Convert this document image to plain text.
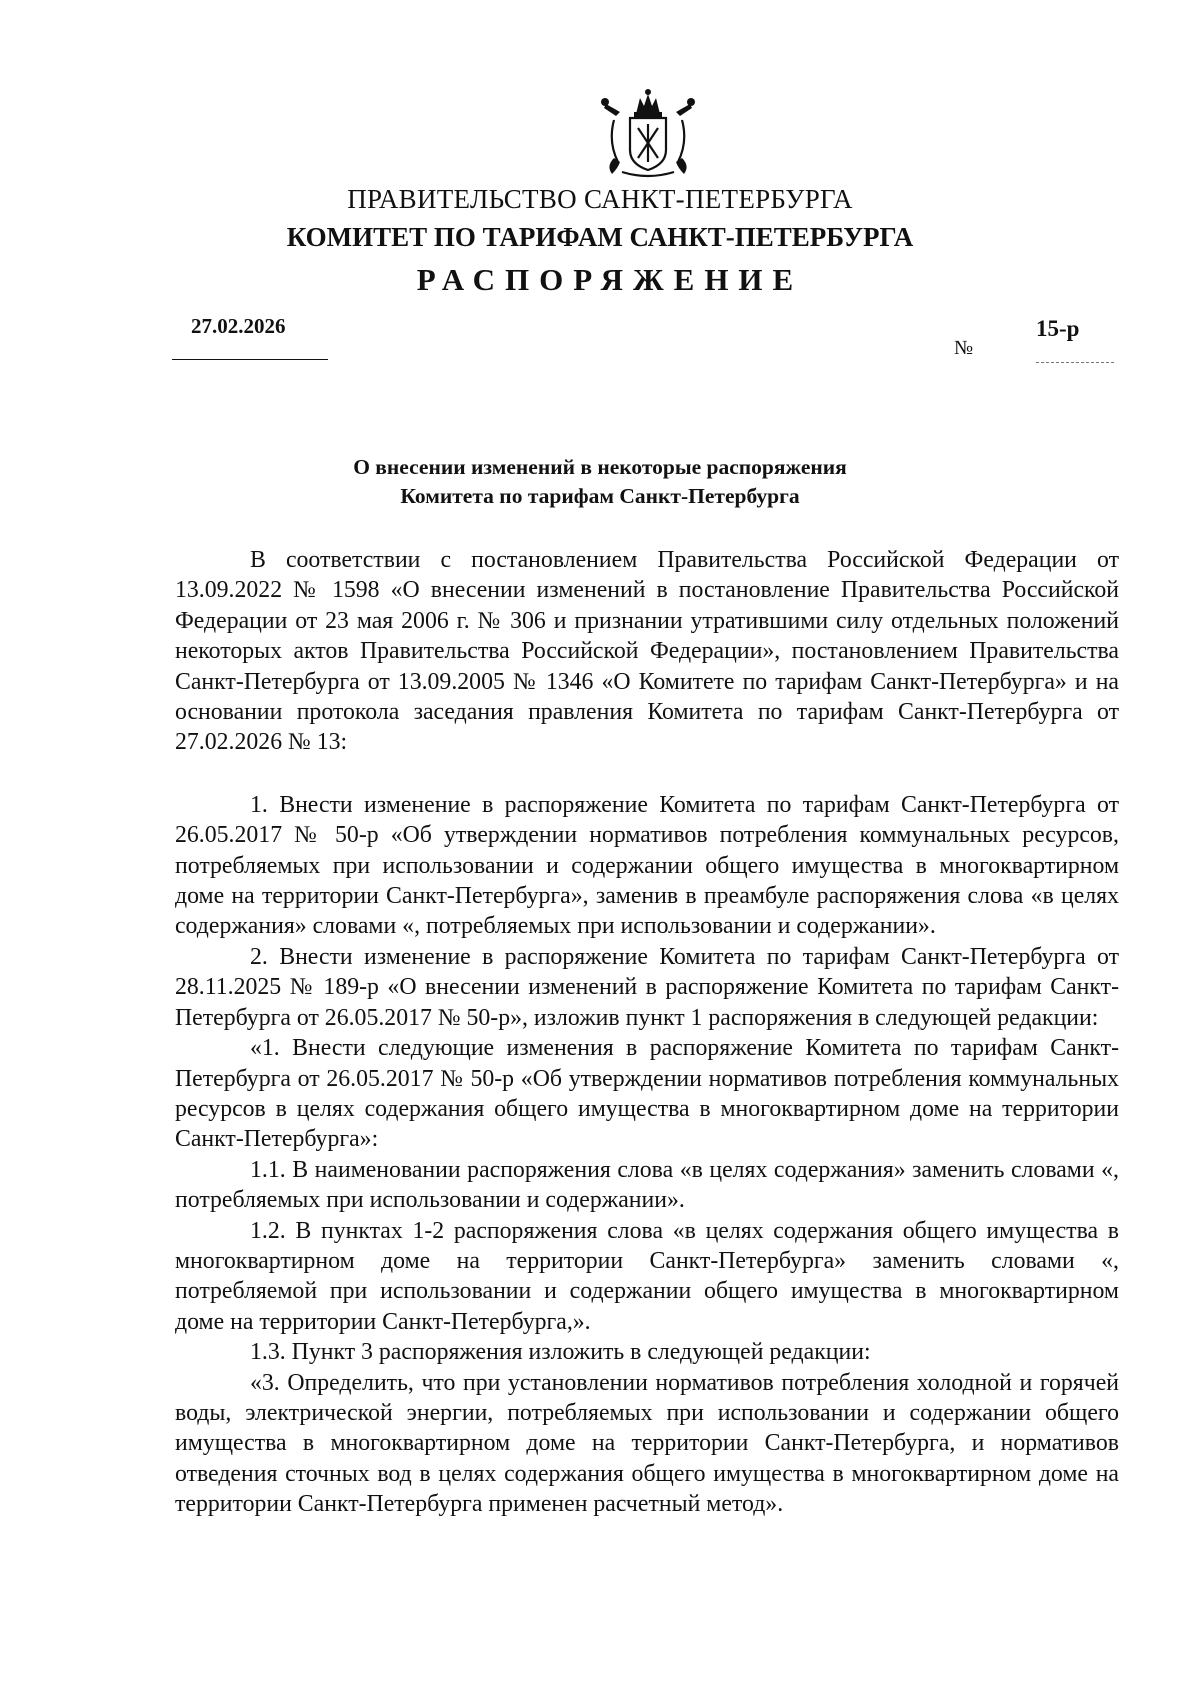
ПРАВИТЕЛЬСТВО САНКТ-ПЕТЕРБУРГА
КОМИТЕТ ПО ТАРИФАМ САНКТ-ПЕТЕРБУРГА
РАСПОРЯЖЕНИЕ
27.02.2026
№
15-р
О внесении изменений в некоторые распоряжения
Комитета по тарифам Санкт-Петербурга

В соответствии с постановлением Правительства Российской Федерации от 13.09.2022 № 1598 «О внесении изменений в постановление Правительства Российской Федерации от 23 мая 2006 г. № 306 и признании утратившими силу отдельных положений некоторых актов Правительства Российской Федерации», постановлением Правительства Санкт-Петербурга от 13.09.2005 № 1346 «О Комитете по тарифам Санкт-Петербурга» и на основании протокола заседания правления Комитета по тарифам Санкт-Петербурга от 27.02.2026 № 13:

1. Внести изменение в распоряжение Комитета по тарифам Санкт-Петербурга от 26.05.2017 № 50-р «Об утверждении нормативов потребления коммунальных ресурсов, потребляемых при использовании и содержании общего имущества в многоквартирном доме на территории Санкт-Петербурга», заменив в преамбуле распоряжения слова «в целях содержания» словами «, потребляемых при использовании и содержании».

2. Внести изменение в распоряжение Комитета по тарифам Санкт-Петербурга от 28.11.2025 № 189-р «О внесении изменений в распоряжение Комитета по тарифам Санкт-Петербурга от 26.05.2017 № 50-р», изложив пункт 1 распоряжения в следующей редакции:

«1. Внести следующие изменения в распоряжение Комитета по тарифам Санкт-Петербурга от 26.05.2017 № 50-р «Об утверждении нормативов потребления коммунальных ресурсов в целях содержания общего имущества в многоквартирном доме на территории Санкт-Петербурга»:

1.1. В наименовании распоряжения слова «в целях содержания» заменить словами «, потребляемых при использовании и содержании».

1.2. В пунктах 1-2 распоряжения слова «в целях содержания общего имущества в многоквартирном доме на территории Санкт-Петербурга» заменить словами «, потребляемой при использовании и содержании общего имущества в многоквартирном доме на территории Санкт-Петербурга,».

1.3. Пункт 3 распоряжения изложить в следующей редакции:

«3. Определить, что при установлении нормативов потребления холодной и горячей воды, электрической энергии, потребляемых при использовании и содержании общего имущества в многоквартирном доме на территории Санкт-Петербурга, и нормативов отведения сточных вод в целях содержания общего имущества в многоквартирном доме на территории Санкт-Петербурга применен расчетный метод».
